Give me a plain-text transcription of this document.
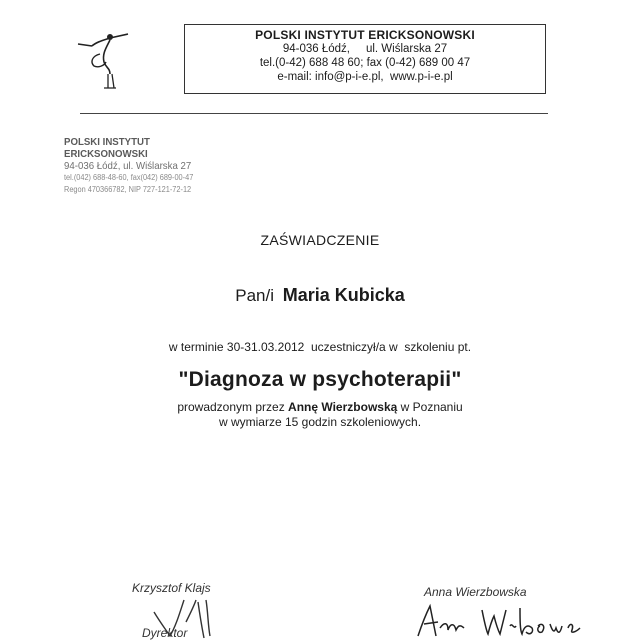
POLSKI INSTYTUT ERICKSONOWSKI
94-036 Łódź,     ul. Wiślarska 27
tel.(0-42) 688 48 60; fax (0-42) 689 00 47
e-mail: info@p-i-e.pl,  www.p-i-e.pl
POLSKI INSTYTUT ERICKSONOWSKI
94-036 Łódź, ul. Wiślarska 27
tel.(042) 688-48-60, fax(042) 689-00-47
Regon 470366782, NIP 727-121-72-12
ZAŚWIADCZENIE
Pan/i Maria Kubicka
w terminie 30-31.03.2012  uczestniczył/a w  szkoleniu pt.
"Diagnoza w psychoterapii"
prowadzonym przez Annę Wierzbowską w Poznaniu
w wymiarze 15 godzin szkoleniowych.
Krzysztof Klajs
Dyrektor
Anna Wierzbowska
